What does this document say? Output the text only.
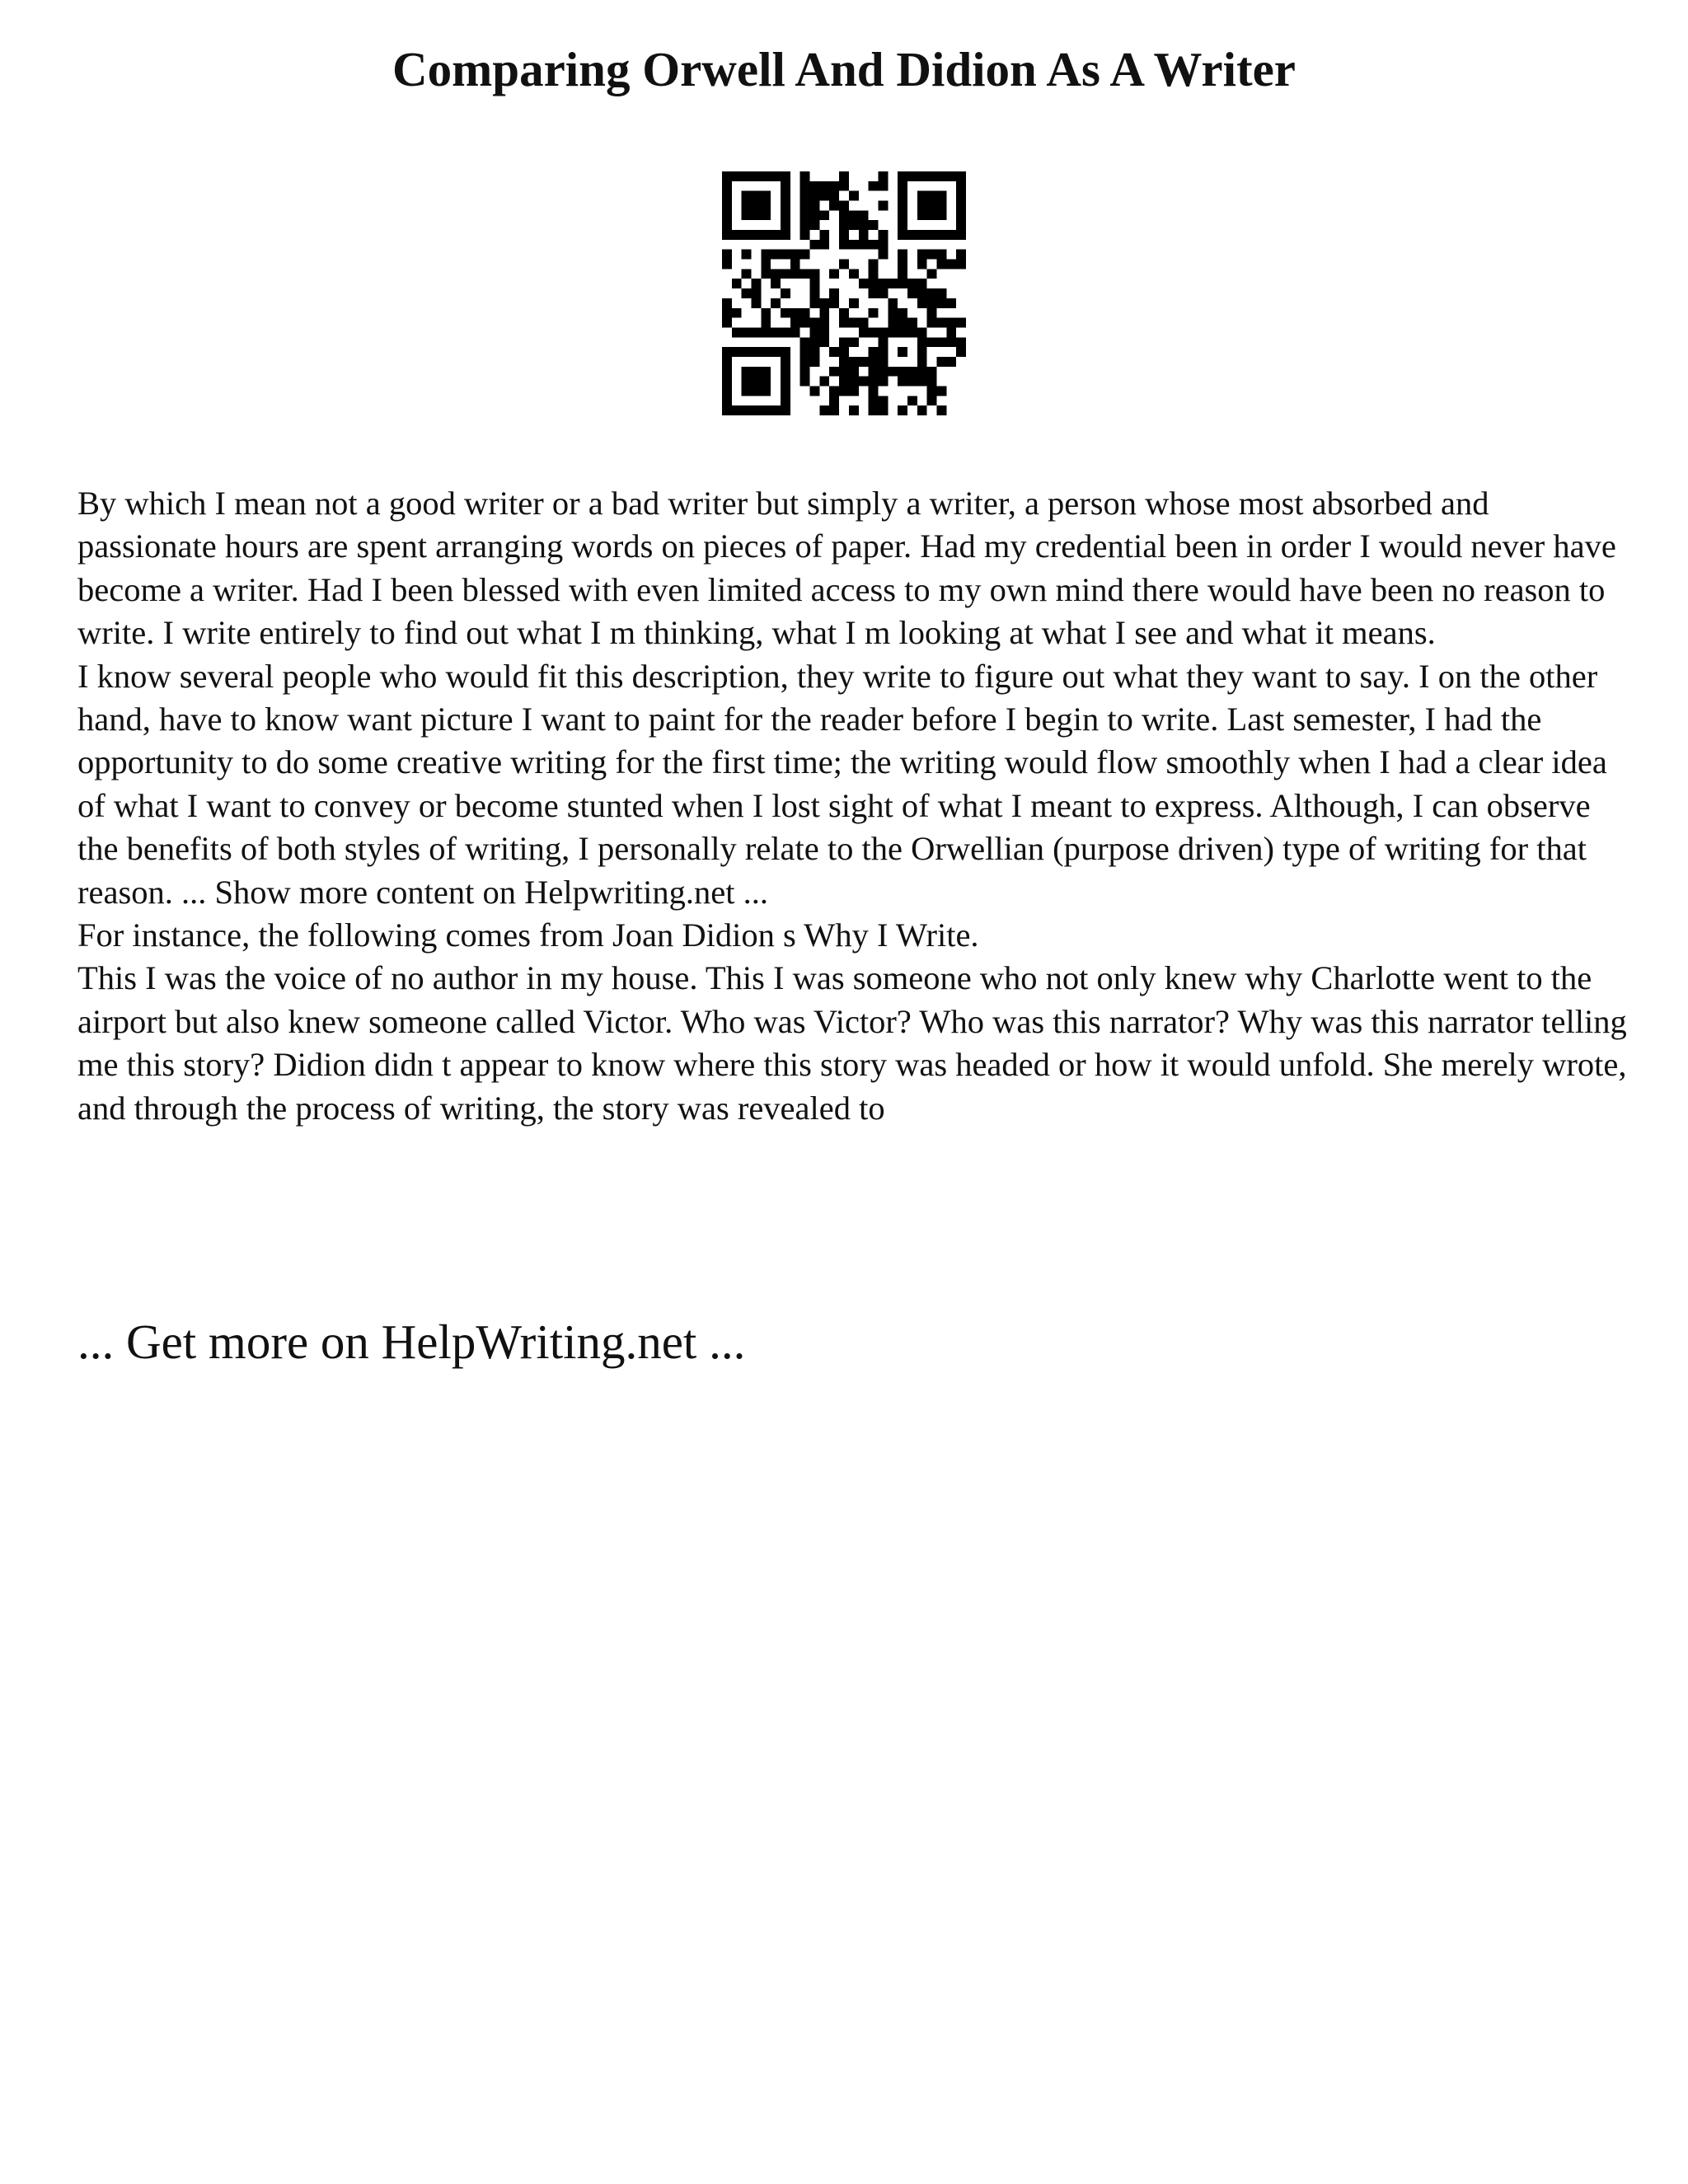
Comparing Orwell And Didion As A Writer

By which I mean not a good writer or a bad writer but simply a writer, a person whose most absorbed and passionate hours are spent arranging words on pieces of paper. Had my credential been in order I would never have become a writer. Had I been blessed with even limited access to my own mind there would have been no reason to write. I write entirely to find out what I m thinking, what I m looking at what I see and what it means.

I know several people who would fit this description, they write to figure out what they want to say. I on the other hand, have to know want picture I want to paint for the reader before I begin to write. Last semester, I had the opportunity to do some creative writing for the first time; the writing would flow smoothly when I had a clear idea of what I want to convey or become stunted when I lost sight of what I meant to express. Although, I can observe the benefits of both styles of writing, I personally relate to the Orwellian (purpose driven) type of writing for that reason. ... Show more content on Helpwriting.net ...

For instance, the following comes from Joan Didion s Why I Write.

This I was the voice of no author in my house. This I was someone who not only knew why Charlotte went to the airport but also knew someone called Victor. Who was Victor? Who was this narrator? Why was this narrator telling me this story? Didion didn t appear to know where this story was headed or how it would unfold. She merely wrote, and through the process of writing, the story was revealed to

... Get more on HelpWriting.net ...
